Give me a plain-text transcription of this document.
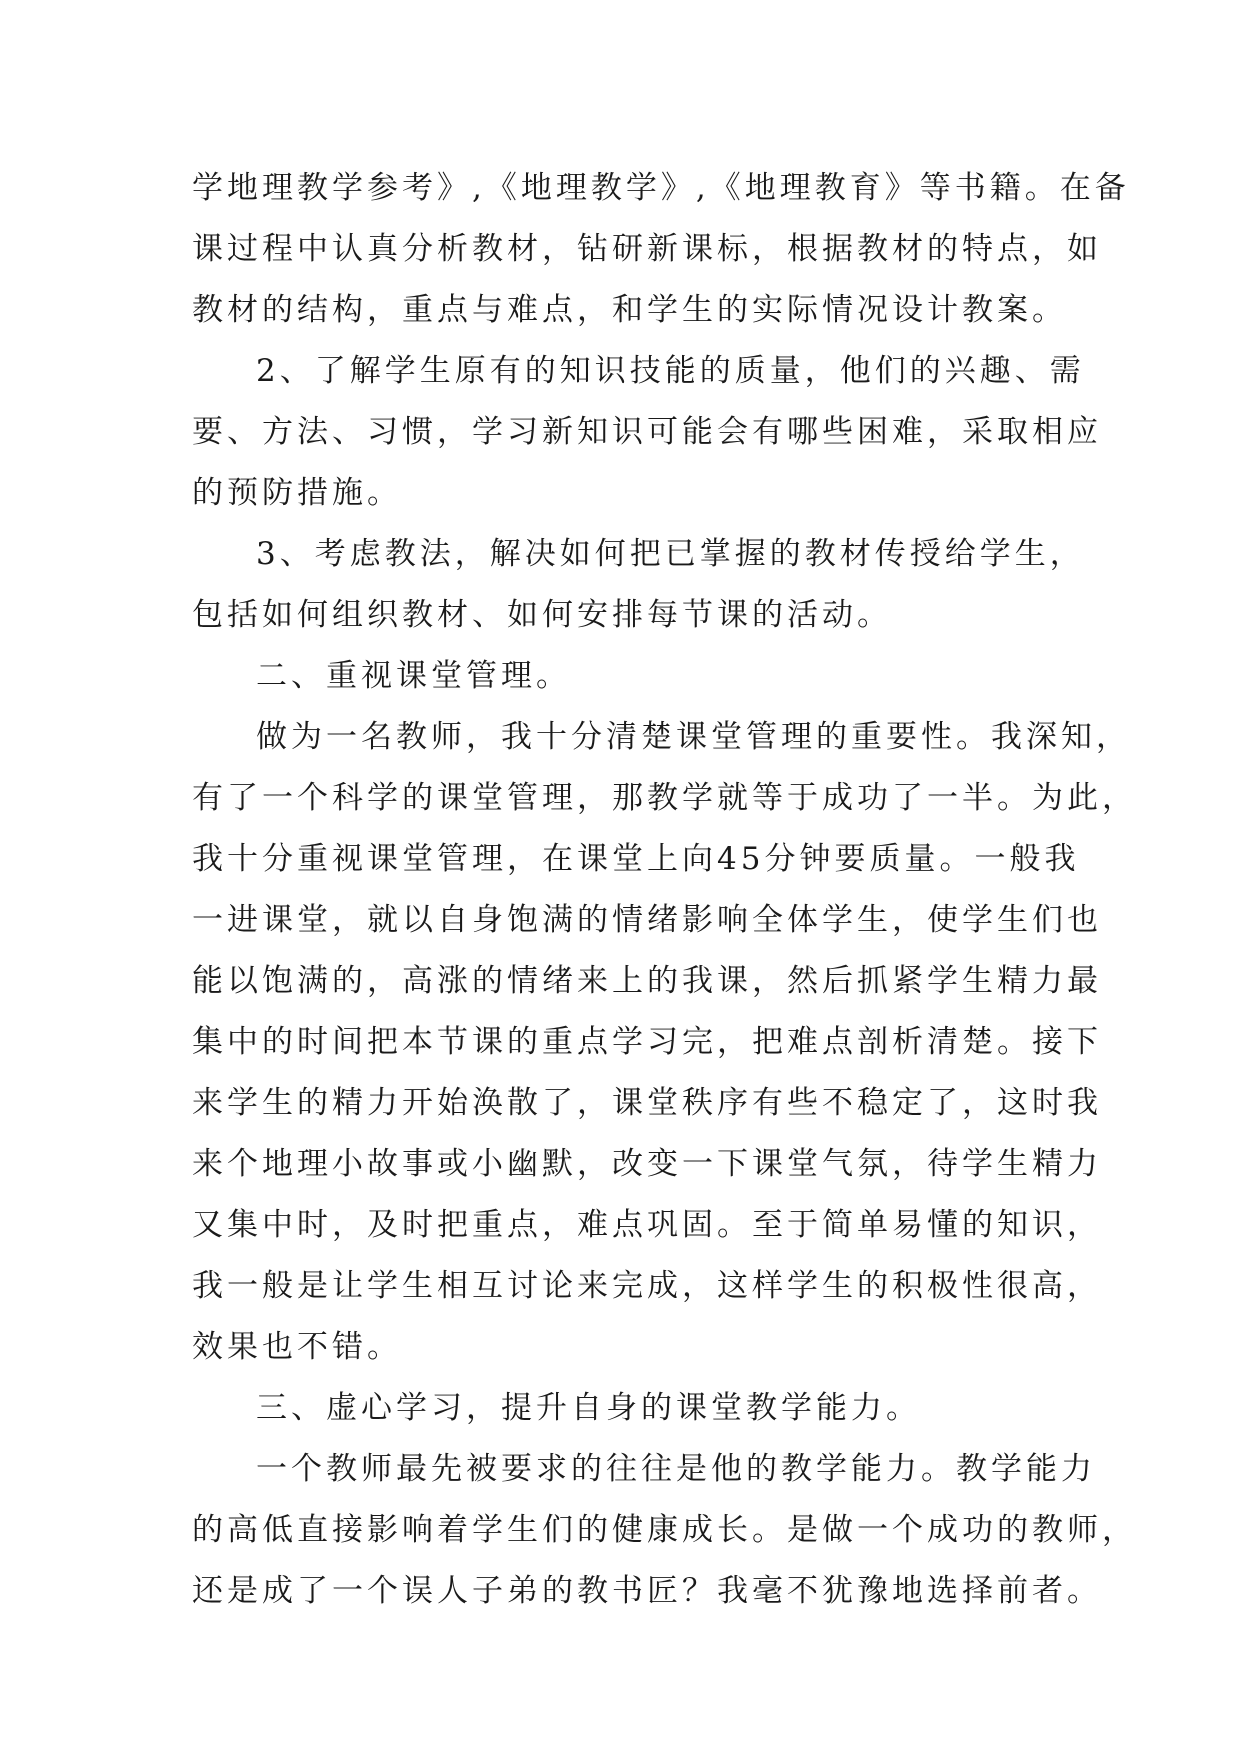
学地理教学参考》,《地理教学》,《地理教育》等书籍。在备
课过程中认真分析教材，钻研新课标，根据教材的特点，如
教材的结构，重点与难点，和学生的实际情况设计教案。
2、了解学生原有的知识技能的质量，他们的兴趣、需
要、方法、习惯，学习新知识可能会有哪些困难，采取相应
的预防措施。
3、考虑教法，解决如何把已掌握的教材传授给学生，
包括如何组织教材、如何安排每节课的活动。
二、重视课堂管理。
做为一名教师，我十分清楚课堂管理的重要性。我深知，
有了一个科学的课堂管理，那教学就等于成功了一半。为此，
我十分重视课堂管理，在课堂上向45分钟要质量。一般我
一进课堂，就以自身饱满的情绪影响全体学生，使学生们也
能以饱满的，高涨的情绪来上的我课，然后抓紧学生精力最
集中的时间把本节课的重点学习完，把难点剖析清楚。接下
来学生的精力开始涣散了，课堂秩序有些不稳定了，这时我
来个地理小故事或小幽默，改变一下课堂气氛，待学生精力
又集中时，及时把重点，难点巩固。至于简单易懂的知识，
我一般是让学生相互讨论来完成，这样学生的积极性很高，
效果也不错。
三、虚心学习，提升自身的课堂教学能力。
一个教师最先被要求的往往是他的教学能力。教学能力
的高低直接影响着学生们的健康成长。是做一个成功的教师，
还是成了一个误人子弟的教书匠？我毫不犹豫地选择前者。
